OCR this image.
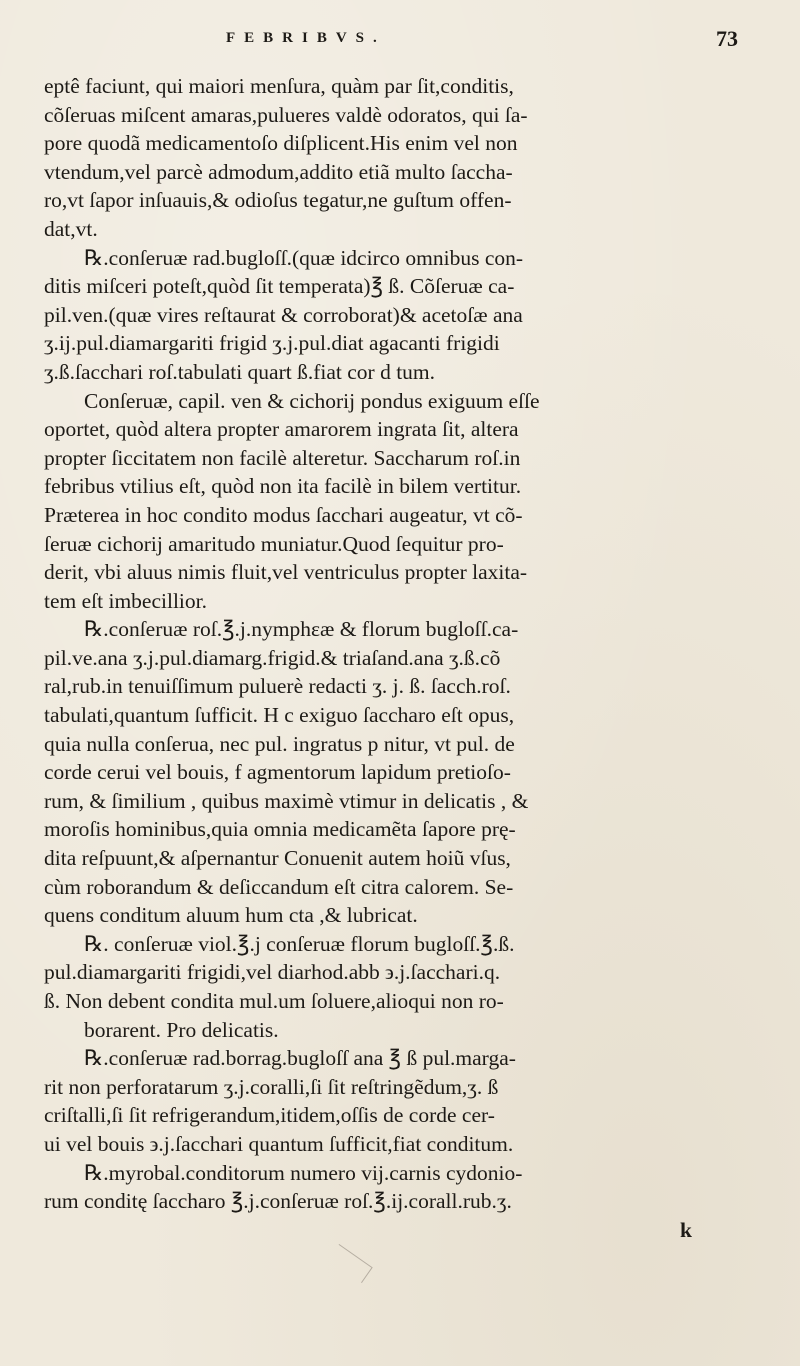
FEBRIBVS.	73
eptê faciunt, qui maiori menſura, quàm par ſit,conditis,
cõſeruas miſcent amaras,pulueres valdè odoratos, qui ſa-
pore quodã medicamentoſo diſplicent.His enim vel non
vtendum,vel parcè admodum,addito etiã multo ſaccha-
ro,vt ſapor inſuauis,& odioſus tegatur,ne guſtum offen-
dat,vt.
℞.conſeruæ rad.bugloſſ.(quæ idcirco omnibus con-
ditis miſceri poteſt,quòd ſit temperata)℥ ß. Cõſeruæ ca-
pil.ven.(quæ vires reſtaurat & corroborat)& acetoſæ ana
ʒ.ij.pul.diamargariti frigid ʒ.j.pul.diat agacanti frigidi
ʒ.ß.ſacchari roſ.tabulati quart ß.fiat cor d tum.
Conſeruæ, capil. ven & cichorij pondus exiguum eſſe
oportet, quòd altera propter amarorem ingrata ſit, altera
propter ſiccitatem non facilè alteretur. Saccharum roſ.in
febribus vtilius eſt, quòd non ita facilè in bilem vertitur.
Præterea in hoc condito modus ſacchari augeatur, vt cõ-
ſeruæ cichorij amaritudo muniatur.Quod ſequitur pro-
derit, vbi aluus nimis fluit,vel ventriculus propter laxita-
tem eſt imbecillior.
℞.conſeruæ roſ.℥.j.nymphεæ & florum bugloſſ.ca-
pil.ve.ana ʒ.j.pul.diamarg.frigid.& triaſand.ana ʒ.ß.cõ
ral,rub.in tenuiſſimum puluerè redacti ʒ. j. ß. ſacch.roſ.
tabulati,quantum ſufficit. H c exiguo ſaccharo eſt opus,
quia nulla conſerua, nec pul. ingratus p nitur, vt pul. de
corde cerui vel bouis, f agmentorum lapidum pretioſo-
rum, & ſimilium , quibus maximè vtimur in delicatis , &
moroſis hominibus,quia omnia medicamẽta ſapore prę-
dita reſpuunt,& aſpernantur Conuenit autem hoiũ vſus,
cùm roborandum & deſiccandum eſt citra calorem. Se-
quens conditum aluum hum cta ,& lubricat.
℞. conſeruæ viol.℥.j conſeruæ florum bugloſſ.℥.ß.
pul.diamargariti frigidi,vel diarhod.abb ϶.j.ſacchari.q.
ß. Non debent condita mul.um ſoluere,alioqui non ro-
borarent. Pro delicatis.
℞.conſeruæ rad.borrag.bugloſſ ana ℥ ß pul.marga-
rit non perforatarum ʒ.j.coralli,ſi ſit reſtringẽdum,ʒ. ß
criſtalli,ſi ſit refrigerandum,itidem,oſſis de corde cer-
ui vel bouis ϶.j.ſacchari quantum ſufficit,fiat conditum.
℞.myrobal.conditorum numero vij.carnis cydonio-
rum conditę ſaccharo ℥.j.conſeruæ roſ.℥.ij.corall.rub.ʒ.
k
